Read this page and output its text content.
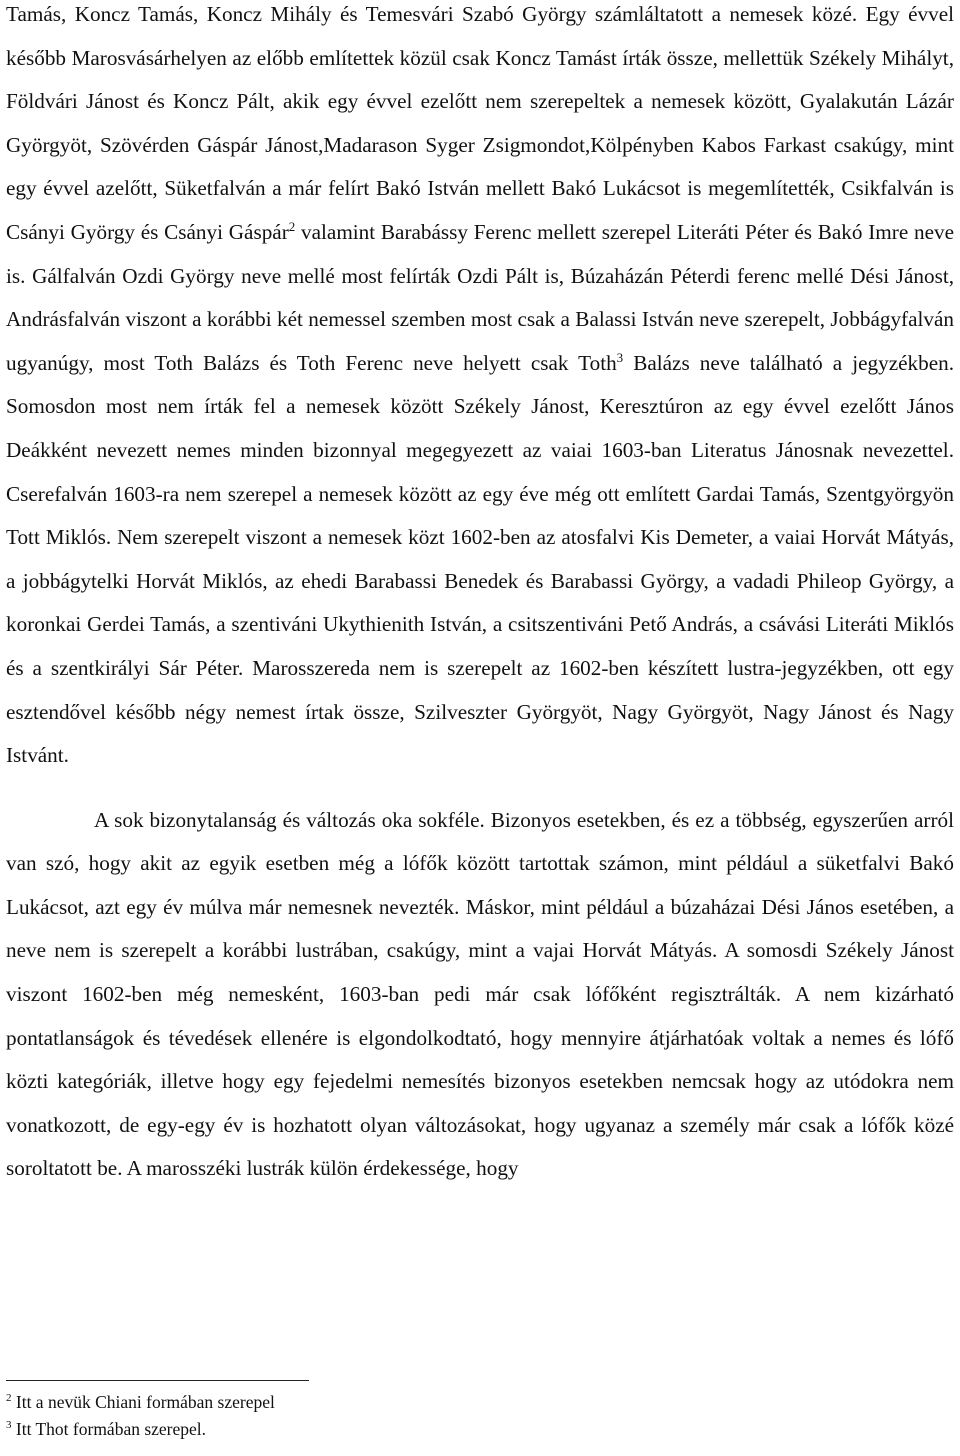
Tamás, Koncz Tamás, Koncz Mihály és Temesvári Szabó György számláltatott a nemesek közé. Egy évvel később Marosvásárhelyen az előbb említettek közül csak Koncz Tamást írták össze, mellettük Székely Mihályt, Földvári Jánost és Koncz Pált, akik egy évvel ezelőtt nem szerepeltek a nemesek között, Gyalakután Lázár Györgyöt, Szövérden Gáspár Jánost,Madarason Syger Zsigmondot,Kölpényben Kabos Farkast csakúgy, mint egy évvel azelőtt, Süketfalván a már felírt Bakó István mellett Bakó Lukácsot is megemlítették, Csikfalván is Csányi György és Csányi Gáspár$^2$ valamint Barabássy Ferenc mellett szerepel Literáti Péter és Bakó Imre neve is. Gálfalván Ozdi György neve mellé most felírták Ozdi Pált is, Búzaházán Péterdi ferenc mellé Dési Jánost, Andrásfalván viszont a korábbi két nemessel szemben most csak a Balassi István neve szerepelt, Jobbágyfalván ugyanúgy, most Toth Balázs és Toth Ferenc neve helyett csak Toth$^3$ Balázs neve található a jegyzékben. Somosdon most nem írták fel a nemesek között Székely Jánost, Keresztúron az egy évvel ezelőtt János Deákként nevezett nemes minden bizonnyal megegyezett az vaiai 1603-ban Literatus Jánosnak nevezettel. Cserefalván 1603-ra nem szerepel a nemesek között az egy éve még ott említett Gardai Tamás, Szentgyörgyön Tott Miklós. Nem szerepelt viszont a nemesek közt 1602-ben az atosfalvi Kis Demeter, a vaiai Horvát Mátyás, a jobbágytelki Horvát Miklós, az ehedi Barabassi Benedek és Barabassi György, a vadadi Phileop György, a koronkai Gerdei Tamás, a szentiváni Ukythienith István, a csitszentiváni Pető András, a csávási Literáti Miklós és a szentkirályi Sár Péter. Marosszereda nem is szerepelt az 1602-ben készített lustra-jegyzékben, ott egy esztendővel később négy nemest írtak össze, Szilveszter Györgyöt, Nagy Györgyöt, Nagy Jánost és Nagy Istvánt.

A sok bizonytalanság és változás oka sokféle. Bizonyos esetekben, és ez a többség, egyszerűen arról van szó, hogy akit az egyik esetben még a lófők között tartottak számon, mint például a süketfalvi Bakó Lukácsot, azt egy év múlva már nemesnek nevezték. Máskor, mint például a búzaházai Dési János esetében, a neve nem is szerepelt a korábbi lustrában, csakúgy, mint a vajai Horvát Mátyás. A somosdi Székely Jánost viszont 1602-ben még nemesként, 1603-ban pedi már csak lófőként regisztrálták. A nem kizárható pontatlanságok és tévedések ellenére is elgondolkodtató, hogy mennyire átjárhatóak voltak a nemes és lófő közti kategóriák, illetve hogy egy fejedelmi nemesítés bizonyos esetekben nemcsak hogy az utódokra nem vonatkozott, de egy-egy év is hozhatott olyan változásokat, hogy ugyanaz a személy már csak a lófők közé soroltatott be. A marosszéki lustrák külön érdekessége, hogy

$^2$ Itt a nevük Chiani formában szerepel

$^3$ Itt Thot formában szerepel.
